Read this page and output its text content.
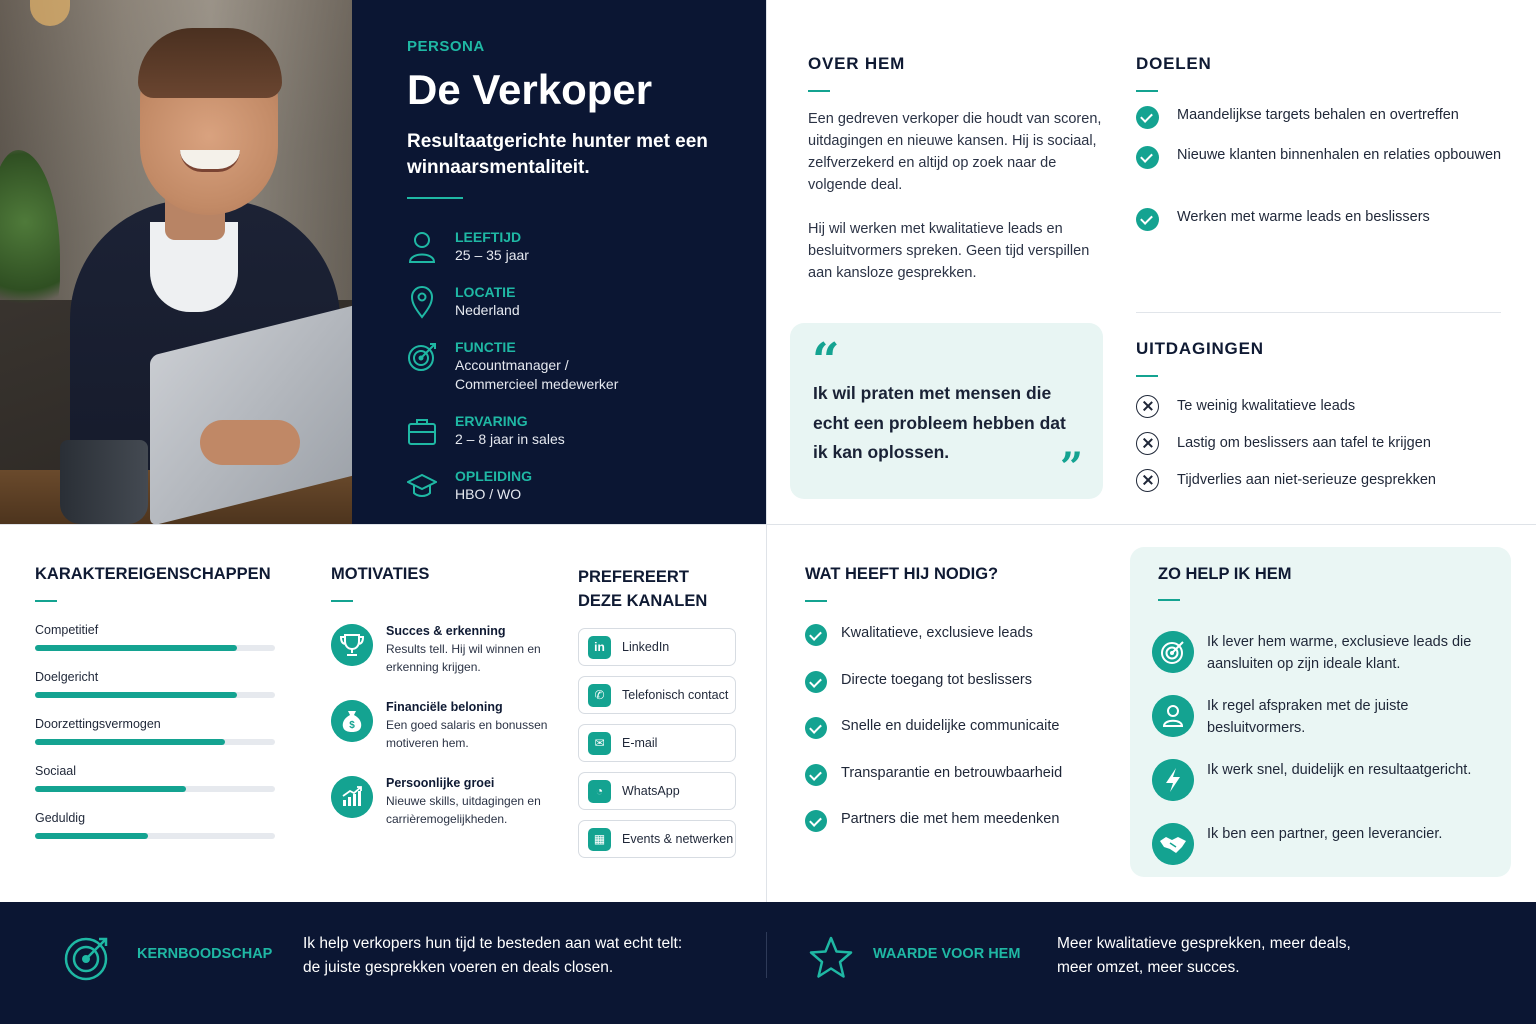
PERSONA
De Verkoper
Resultaatgerichte hunter met een winnaarsmentaliteit.
LEEFTIJD
25 – 35 jaar
LOCATIE
Nederland
FUNCTIE
Accountmanager /
Commercieel medewerker
ERVARING
2 – 8 jaar in sales
OPLEIDING
HBO / WO
OVER HEM
Een gedreven verkoper die houdt van scoren, uitdagingen en nieuwe kansen. Hij is sociaal, zelfverzekerd en altijd op zoek naar de volgende deal.
Hij wil werken met kwalitatieve leads en besluitvormers spreken. Geen tijd verspillen aan kansloze gesprekken.
“
Ik wil praten met mensen die echt een probleem hebben dat ik kan oplossen.	”
DOELEN
Maandelijkse targets behalen en overtreffen
Nieuwe klanten binnenhalen en relaties opbouwen
Werken met warme leads en beslissers
UITDAGINGEN
Te weinig kwalitatieve leads
Lastig om beslissers aan tafel te krijgen
Tijdverlies aan niet-serieuze gesprekken
KARAKTEREIGENSCHAPPEN
Competitief
Doelgericht
Doorzettingsvermogen
Sociaal
Geduldig
MOTIVATIES
Succes & erkenning
Results tell. Hij wil winnen en erkenning krijgen.
$
Financiële beloning
Een goed salaris en bonussen motiveren hem.
Persoonlijke groei
Nieuwe skills, uitdagingen en carrièremogelijkheden.
PREFEREERT
DEZE KANALEN
in	LinkedIn
✆	Telefonisch contact
✉	E-mail
◔	WhatsApp
▦	Events & netwerken
WAT HEEFT HIJ NODIG?
Kwalitatieve, exclusieve leads
Directe toegang tot beslissers
Snelle en duidelijke communicaite
Transparantie en betrouwbaarheid
Partners die met hem meedenken
ZO HELP IK HEM
Ik lever hem warme, exclusieve leads die aansluiten op zijn ideale klant.
Ik regel afspraken met de juiste besluitvormers.
Ik werk snel, duidelijk en resultaatgericht.
Ik ben een partner, geen leverancier.
KERNBOODSCHAP
Ik help verkopers hun tijd te besteden aan wat echt telt:
de juiste gesprekken voeren en deals closen.
WAARDE VOOR HEM
Meer kwalitatieve gesprekken, meer deals,
meer omzet, meer succes.
